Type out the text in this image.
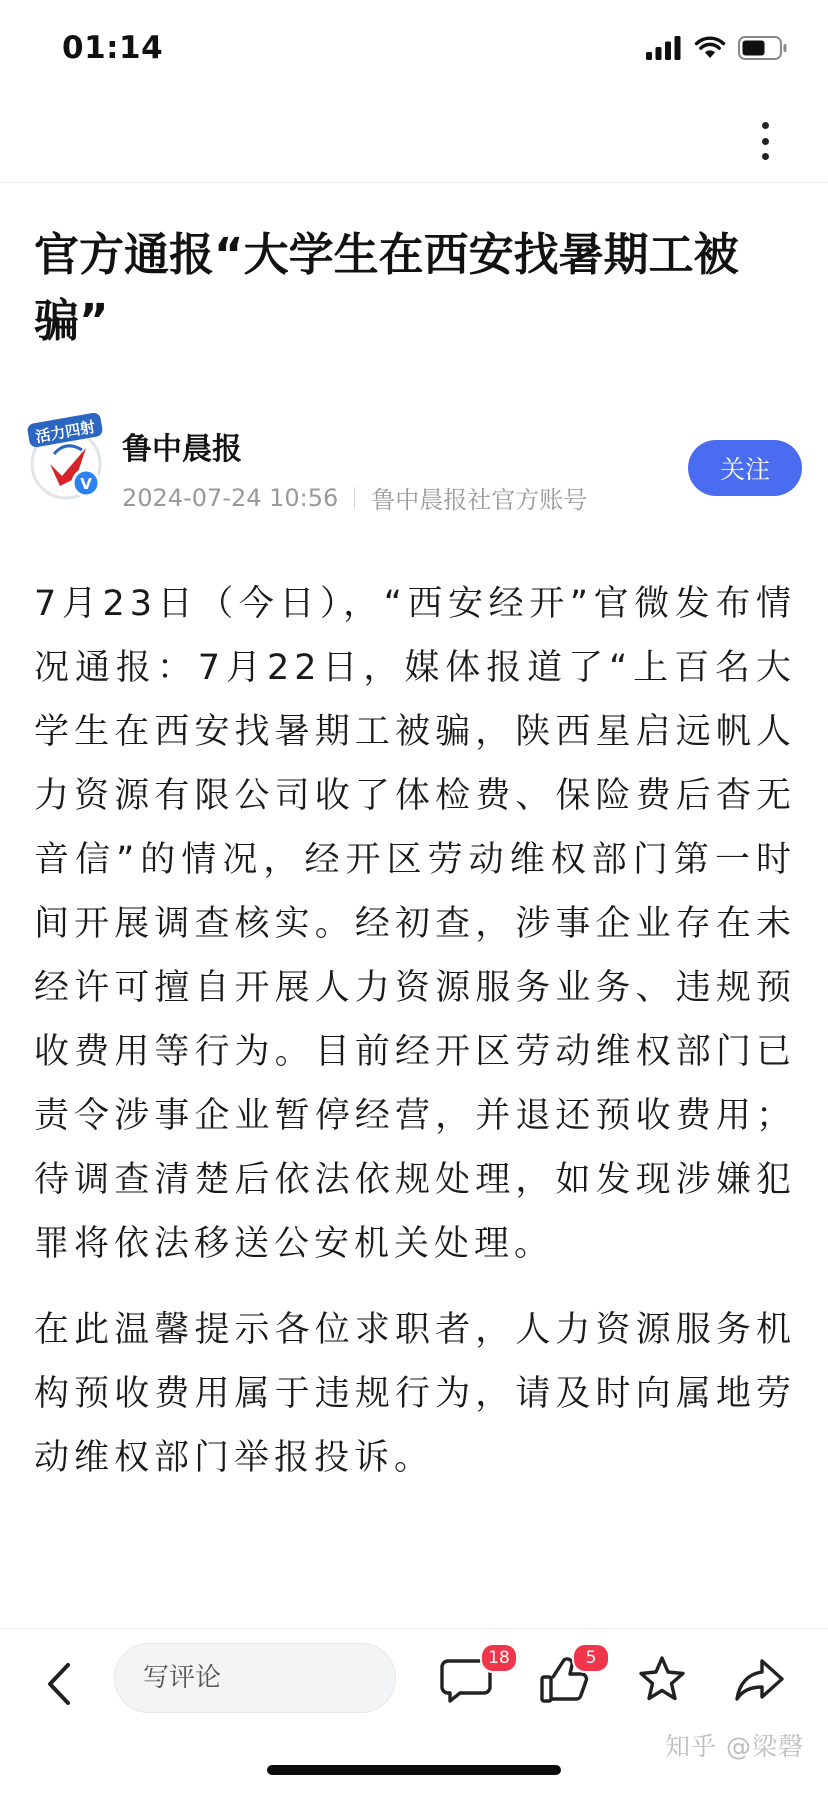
01:14
官方通报“大学生在西安找暑期工被骗”
活力四射
V
鲁中晨报
2024-07-24 10:56 鲁中晨报社官方账号
关注

7月23日（今日），“西安经开”官微发布情况通报：7月22日，媒体报道了“上百名大学生在西安找暑期工被骗，陕西星启远帆人力资源有限公司收了体检费、保险费后杳无音信”的情况，经开区劳动维权部门第一时间开展调查核实。经初查，涉事企业存在未经许可擅自开展人力资源服务业务、违规预收费用等行为。目前经开区劳动维权部门已责令涉事企业暂停经营，并退还预收费用；待调查清楚后依法依规处理，如发现涉嫌犯罪将依法移送公安机关处理。

在此温馨提示各位求职者，人力资源服务机构预收费用属于违规行为，请及时向属地劳动维权部门举报投诉。

写评论
18	5
知乎 @梁磬
